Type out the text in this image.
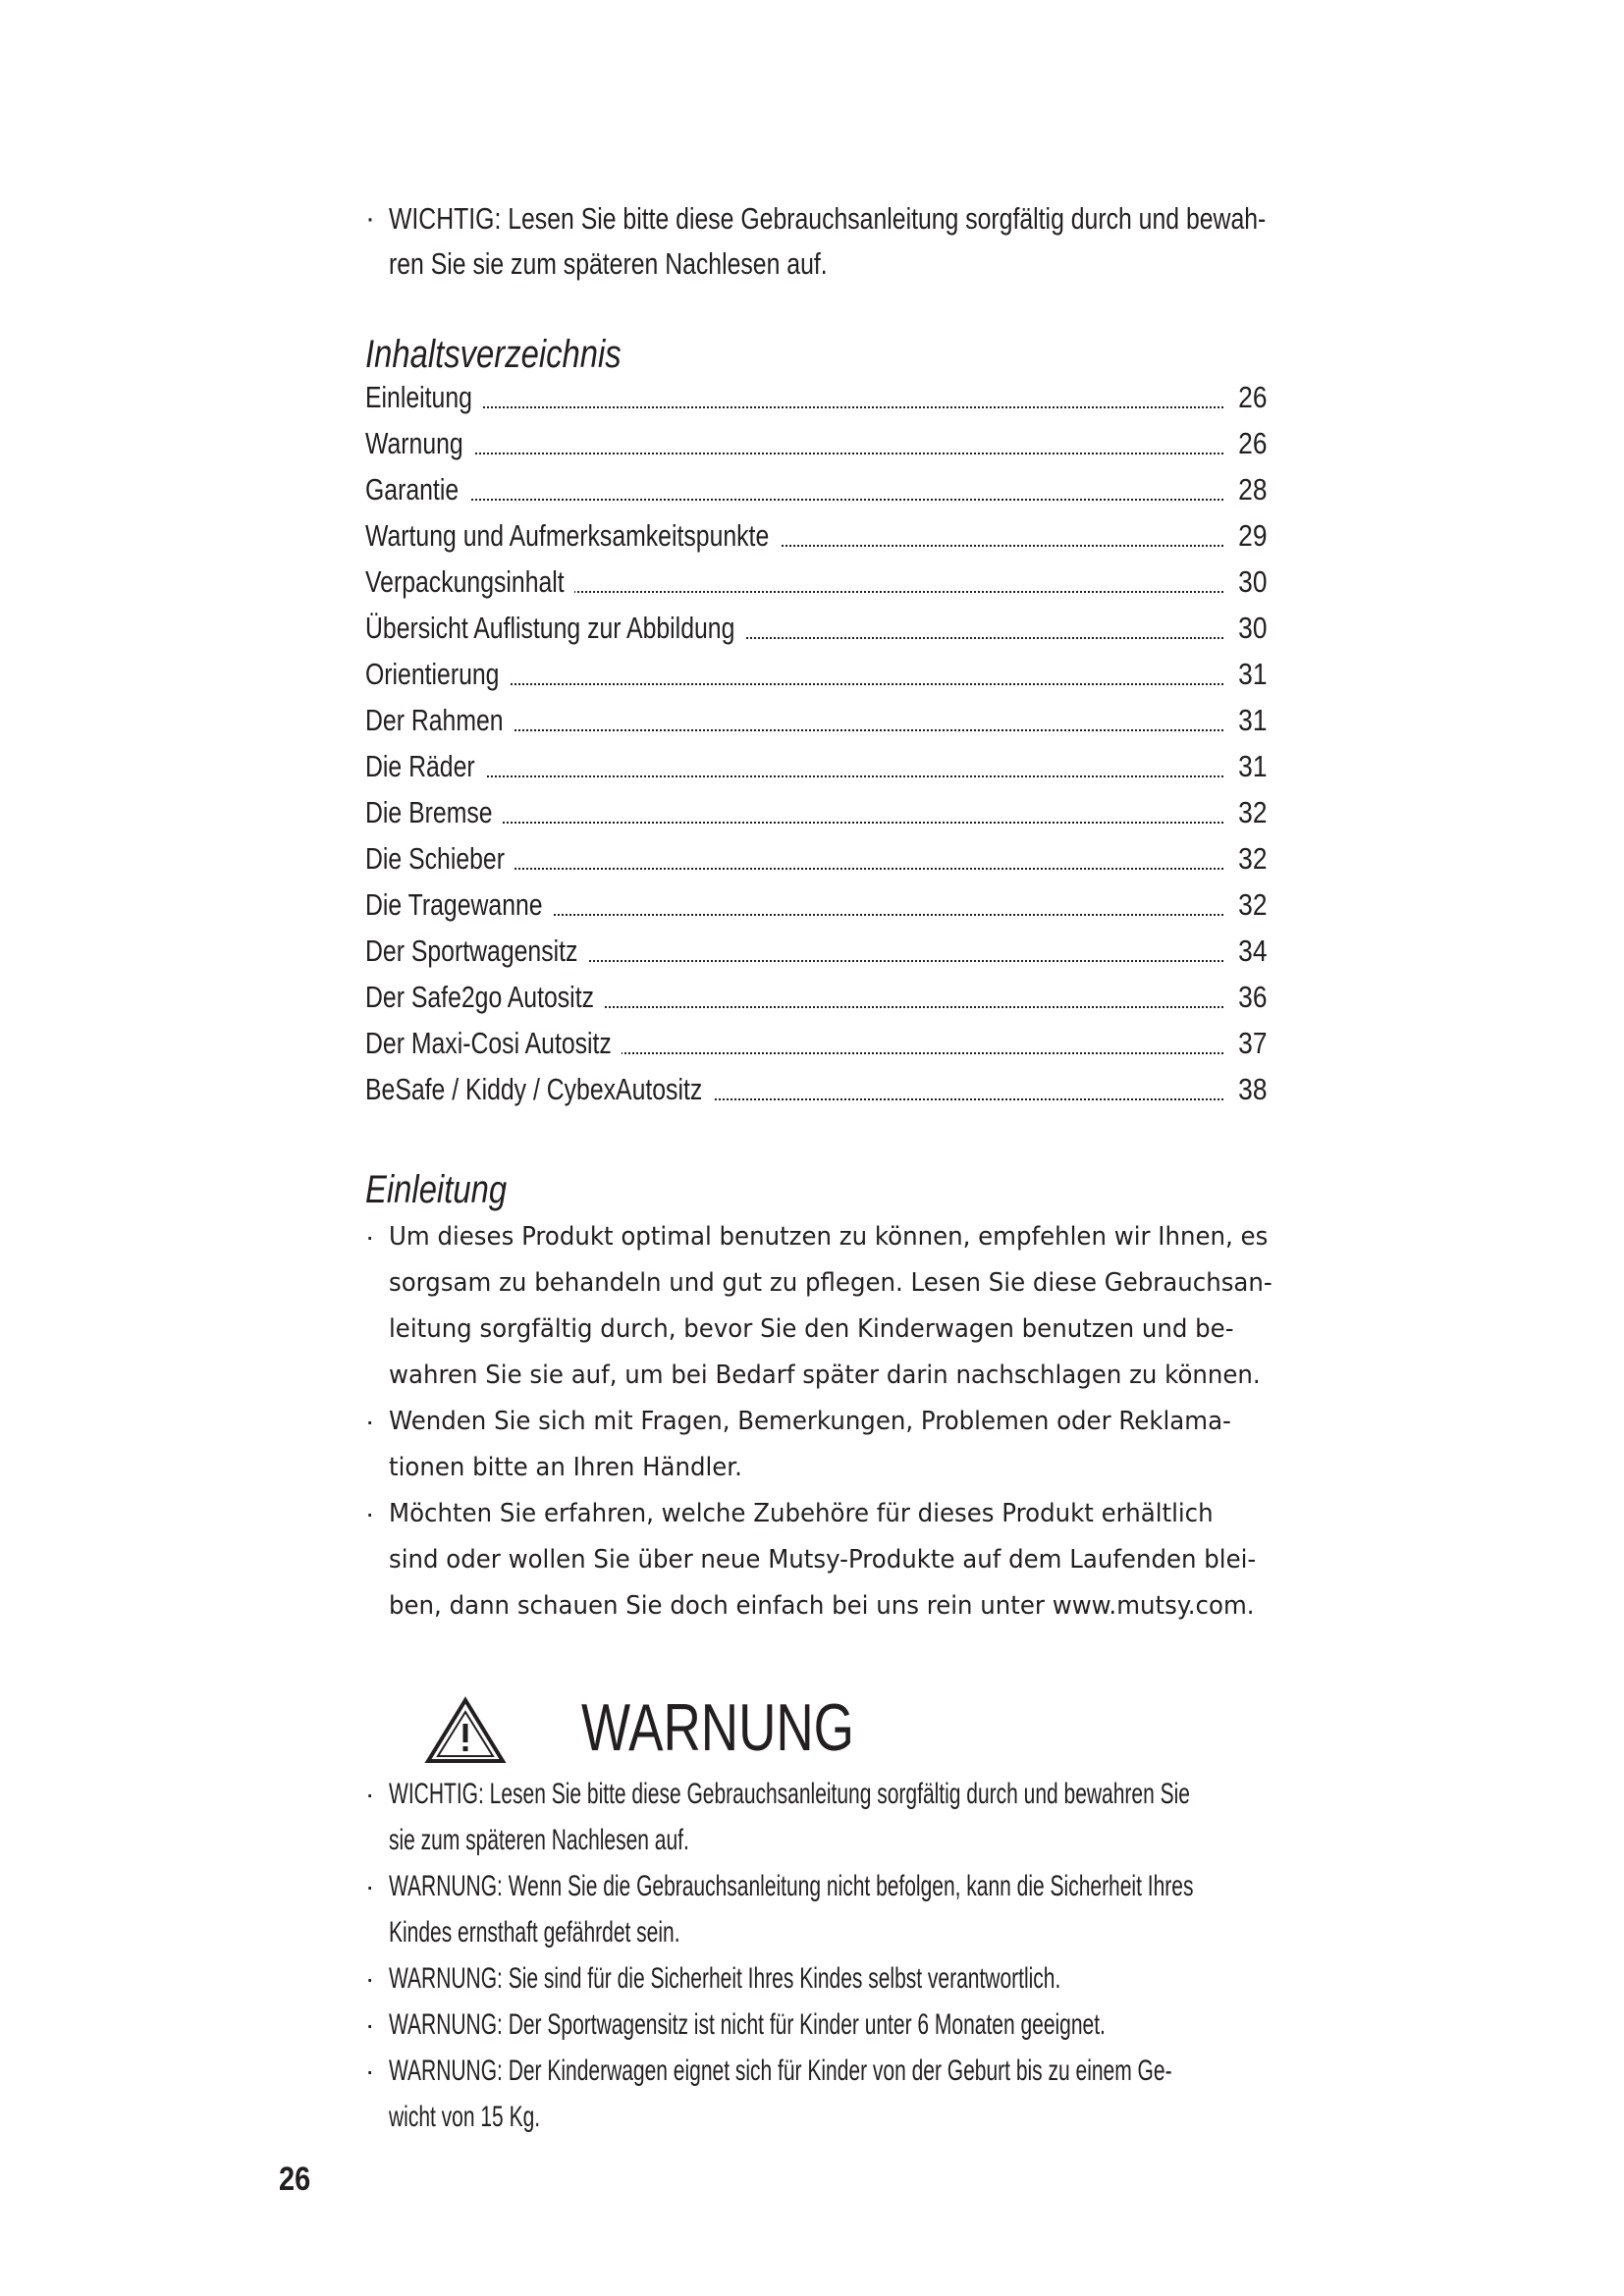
· WICHTIG: Lesen Sie bitte diese Gebrauchsanleitung sorgfältig durch und bewah-
ren Sie sie zum späteren Nachlesen auf.
Inhaltsverzeichnis
Einleitung	26
Warnung	26
Garantie	28
Wartung und Aufmerksamkeitspunkte	29
Verpackungsinhalt	30
Übersicht Auflistung zur Abbildung	30
Orientierung	31
Der Rahmen	31
Die Räder	31
Die Bremse	32
Die Schieber	32
Die Tragewanne	32
Der Sportwagensitz	34
Der Safe2go Autositz	36
Der Maxi-Cosi Autositz	37
BeSafe / Kiddy / CybexAutositz	38
Einleitung
· Um dieses Produkt optimal benutzen zu können, empfehlen wir Ihnen, es
sorgsam zu behandeln und gut zu pflegen. Lesen Sie diese Gebrauchsan-
leitung sorgfältig durch, bevor Sie den Kinderwagen benutzen und be-
wahren Sie sie auf, um bei Bedarf später darin nachschlagen zu können.
· Wenden Sie sich mit Fragen, Bemerkungen, Problemen oder Reklama-
tionen bitte an Ihren Händler.
· Möchten Sie erfahren, welche Zubehöre für dieses Produkt erhältlich
sind oder wollen Sie über neue Mutsy-Produkte auf dem Laufenden blei-
ben, dann schauen Sie doch einfach bei uns rein unter www.mutsy.com.
WARNUNG
· WICHTIG: Lesen Sie bitte diese Gebrauchsanleitung sorgfältig durch und bewahren Sie
sie zum späteren Nachlesen auf.
· WARNUNG: Wenn Sie die Gebrauchsanleitung nicht befolgen, kann die Sicherheit Ihres
Kindes ernsthaft gefährdet sein.
· WARNUNG: Sie sind für die Sicherheit Ihres Kindes selbst verantwortlich.
· WARNUNG: Der Sportwagensitz ist nicht für Kinder unter 6 Monaten geeignet.
· WARNUNG: Der Kinderwagen eignet sich für Kinder von der Geburt bis zu einem Ge-
wicht von 15 Kg.
26
